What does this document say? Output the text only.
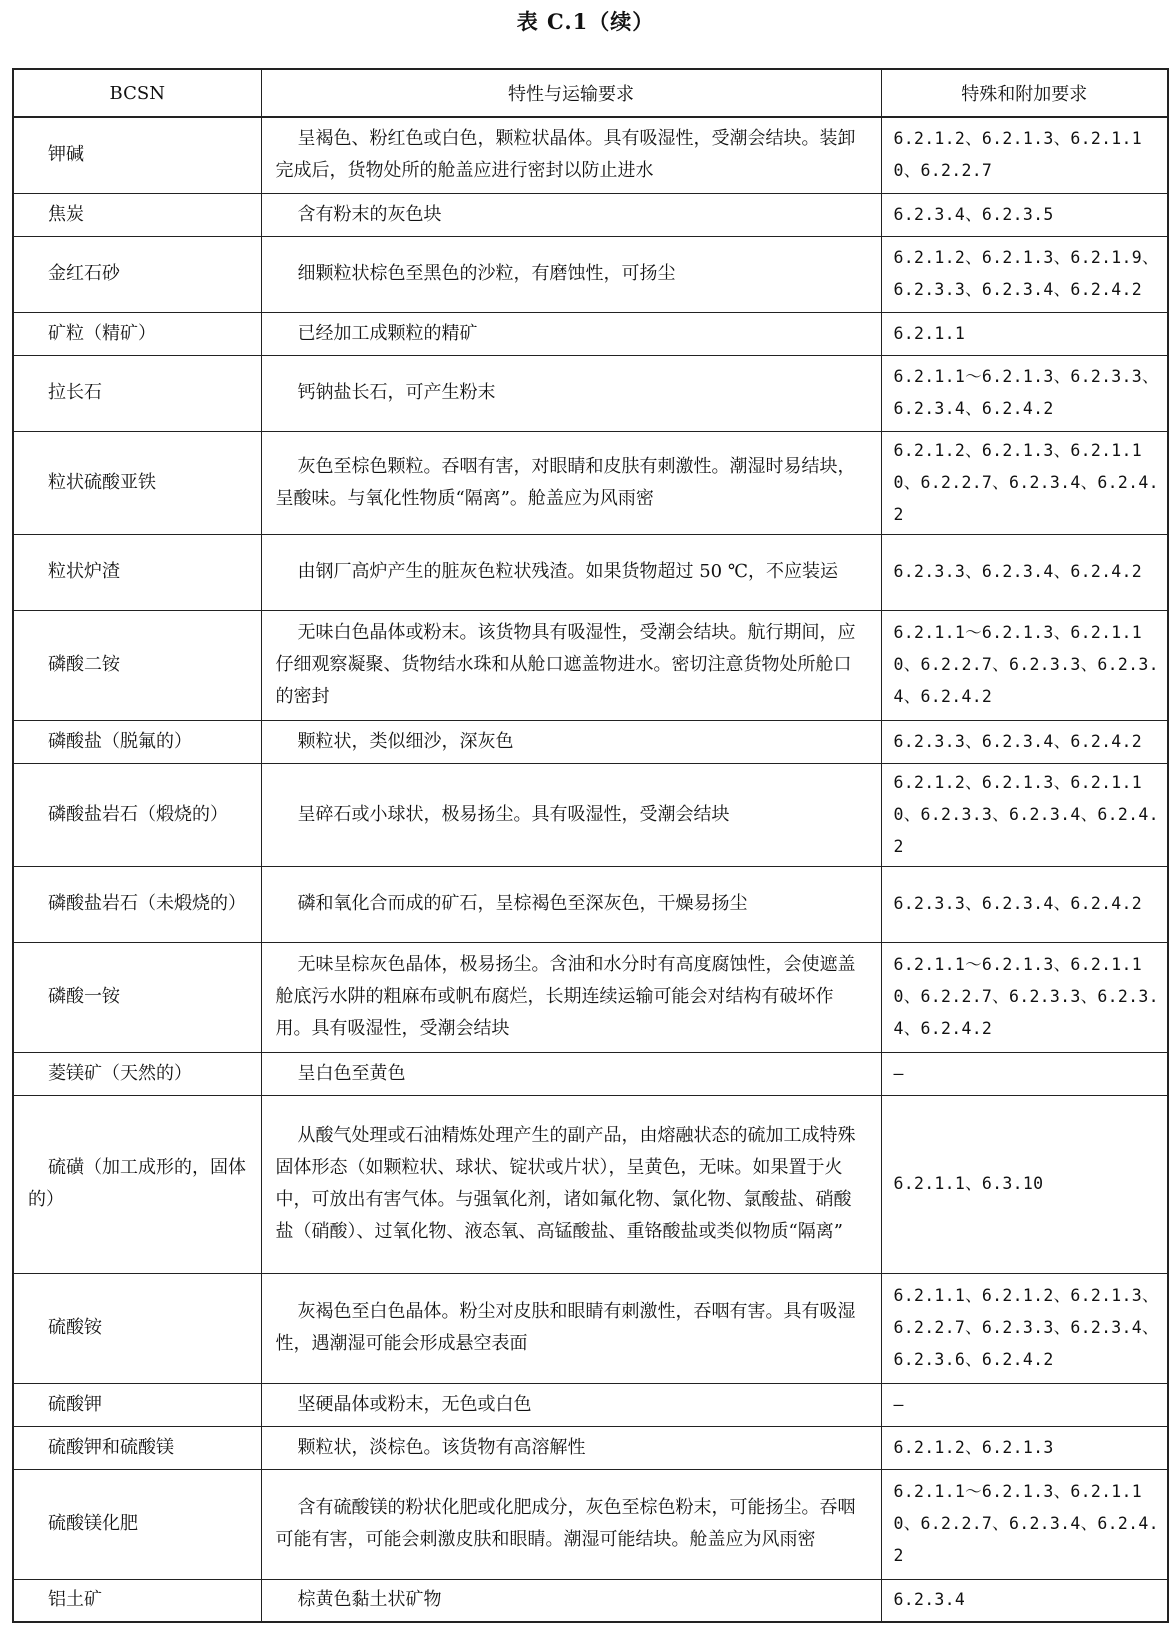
表 C.1（续）
BCSN	特性与运输要求	特殊和附加要求
钾碱	呈褐色、粉红色或白色，颗粒状晶体。具有吸湿性，受潮会结块。装卸完成后，货物处所的舱盖应进行密封以防止进水	6.2.1.2、6.2.1.3、6.2.1.10、6.2.2.7
焦炭	含有粉末的灰色块	6.2.3.4、6.2.3.5
金红石砂	细颗粒状棕色至黑色的沙粒，有磨蚀性，可扬尘	6.2.1.2、6.2.1.3、6.2.1.9、6.2.3.3、6.2.3.4、6.2.4.2
矿粒（精矿）	已经加工成颗粒的精矿	6.2.1.1
拉长石	钙钠盐长石，可产生粉末	6.2.1.1～6.2.1.3、6.2.3.3、6.2.3.4、6.2.4.2
粒状硫酸亚铁	灰色至棕色颗粒。吞咽有害，对眼睛和皮肤有刺激性。潮湿时易结块，呈酸味。与氧化性物质“隔离”。舱盖应为风雨密	6.2.1.2、6.2.1.3、6.2.1.10、6.2.2.7、6.2.3.4、6.2.4.2
粒状炉渣	由钢厂高炉产生的脏灰色粒状残渣。如果货物超过 50 ℃，不应装运	6.2.3.3、6.2.3.4、6.2.4.2
磷酸二铵	无味白色晶体或粉末。该货物具有吸湿性，受潮会结块。航行期间，应仔细观察凝聚、货物结水珠和从舱口遮盖物进水。密切注意货物处所舱口的密封	6.2.1.1～6.2.1.3、6.2.1.10、6.2.2.7、6.2.3.3、6.2.3.4、6.2.4.2
磷酸盐（脱氟的）	颗粒状，类似细沙，深灰色	6.2.3.3、6.2.3.4、6.2.4.2
磷酸盐岩石（煅烧的）	呈碎石或小球状，极易扬尘。具有吸湿性，受潮会结块	6.2.1.2、6.2.1.3、6.2.1.10、6.2.3.3、6.2.3.4、6.2.4.2
磷酸盐岩石（未煅烧的）	磷和氧化合而成的矿石，呈棕褐色至深灰色，干燥易扬尘	6.2.3.3、6.2.3.4、6.2.4.2
磷酸一铵	无味呈棕灰色晶体，极易扬尘。含油和水分时有高度腐蚀性，会使遮盖舱底污水阱的粗麻布或帆布腐烂，长期连续运输可能会对结构有破坏作用。具有吸湿性，受潮会结块	6.2.1.1～6.2.1.3、6.2.1.10、6.2.2.7、6.2.3.3、6.2.3.4、6.2.4.2
菱镁矿（天然的）	呈白色至黄色	—
硫磺（加工成形的，固体的）	从酸气处理或石油精炼处理产生的副产品，由熔融状态的硫加工成特殊固体形态（如颗粒状、球状、锭状或片状），呈黄色，无味。如果置于火中，可放出有害气体。与强氧化剂，诸如氟化物、氯化物、氯酸盐、硝酸盐（硝酸）、过氧化物、液态氧、高锰酸盐、重铬酸盐或类似物质“隔离”	6.2.1.1、6.3.10
硫酸铵	灰褐色至白色晶体。粉尘对皮肤和眼睛有刺激性，吞咽有害。具有吸湿性，遇潮湿可能会形成悬空表面	6.2.1.1、6.2.1.2、6.2.1.3、6.2.2.7、6.2.3.3、6.2.3.4、6.2.3.6、6.2.4.2
硫酸钾	坚硬晶体或粉末，无色或白色	—
硫酸钾和硫酸镁	颗粒状，淡棕色。该货物有高溶解性	6.2.1.2、6.2.1.3
硫酸镁化肥	含有硫酸镁的粉状化肥或化肥成分，灰色至棕色粉末，可能扬尘。吞咽可能有害，可能会刺激皮肤和眼睛。潮湿可能结块。舱盖应为风雨密	6.2.1.1～6.2.1.3、6.2.1.10、6.2.2.7、6.2.3.4、6.2.4.2
铝土矿	棕黄色黏土状矿物	6.2.3.4
